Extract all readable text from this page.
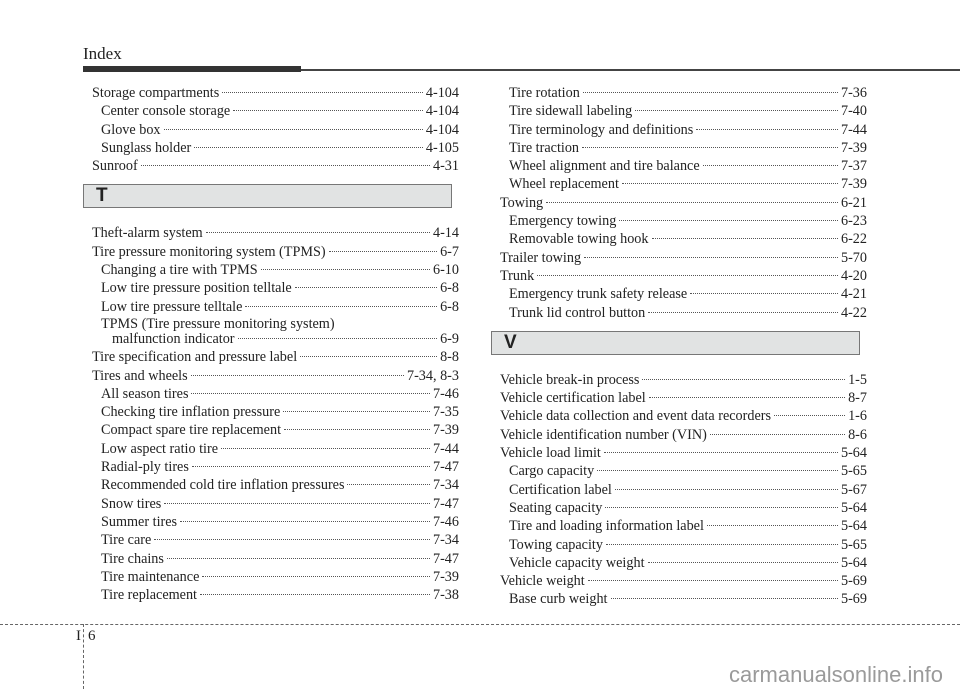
Index
Storage compartments	4-104
Center console storage	4-104
Glove box	4-104
Sunglass holder	4-105
Sunroof	4-31
T
Theft-alarm system	4-14
Tire pressure monitoring system (TPMS)	6-7
Changing a tire with TPMS	6-10
Low tire pressure position telltale	6-8
Low tire pressure telltale	6-8
TPMS (Tire pressure monitoring system)
malfunction indicator	6-9
Tire specification and pressure label	8-8
Tires and wheels	7-34, 8-3
All season tires	7-46
Checking tire inflation pressure	7-35
Compact spare tire replacement	7-39
Low aspect ratio tire	7-44
Radial-ply tires	7-47
Recommended cold tire inflation pressures	7-34
Snow tires	7-47
Summer tires	7-46
Tire care	7-34
Tire chains	7-47
Tire maintenance	7-39
Tire replacement	7-38
Tire rotation	7-36
Tire sidewall labeling	7-40
Tire terminology and definitions	7-44
Tire traction	7-39
Wheel alignment and tire balance	7-37
Wheel replacement	7-39
Towing	6-21
Emergency towing	6-23
Removable towing hook	6-22
Trailer towing	5-70
Trunk	4-20
Emergency trunk safety release	4-21
Trunk lid control button	4-22
V
Vehicle break-in process	1-5
Vehicle certification label	8-7
Vehicle data collection and event data recorders	1-6
Vehicle identification number (VIN)	8-6
Vehicle load limit	5-64
Cargo capacity	5-65
Certification label	5-67
Seating capacity	5-64
Tire and loading information label	5-64
Towing capacity	5-65
Vehicle capacity weight	5-64
Vehicle weight	5-69
Base curb weight	5-69
I 6
carmanualsonline.info
